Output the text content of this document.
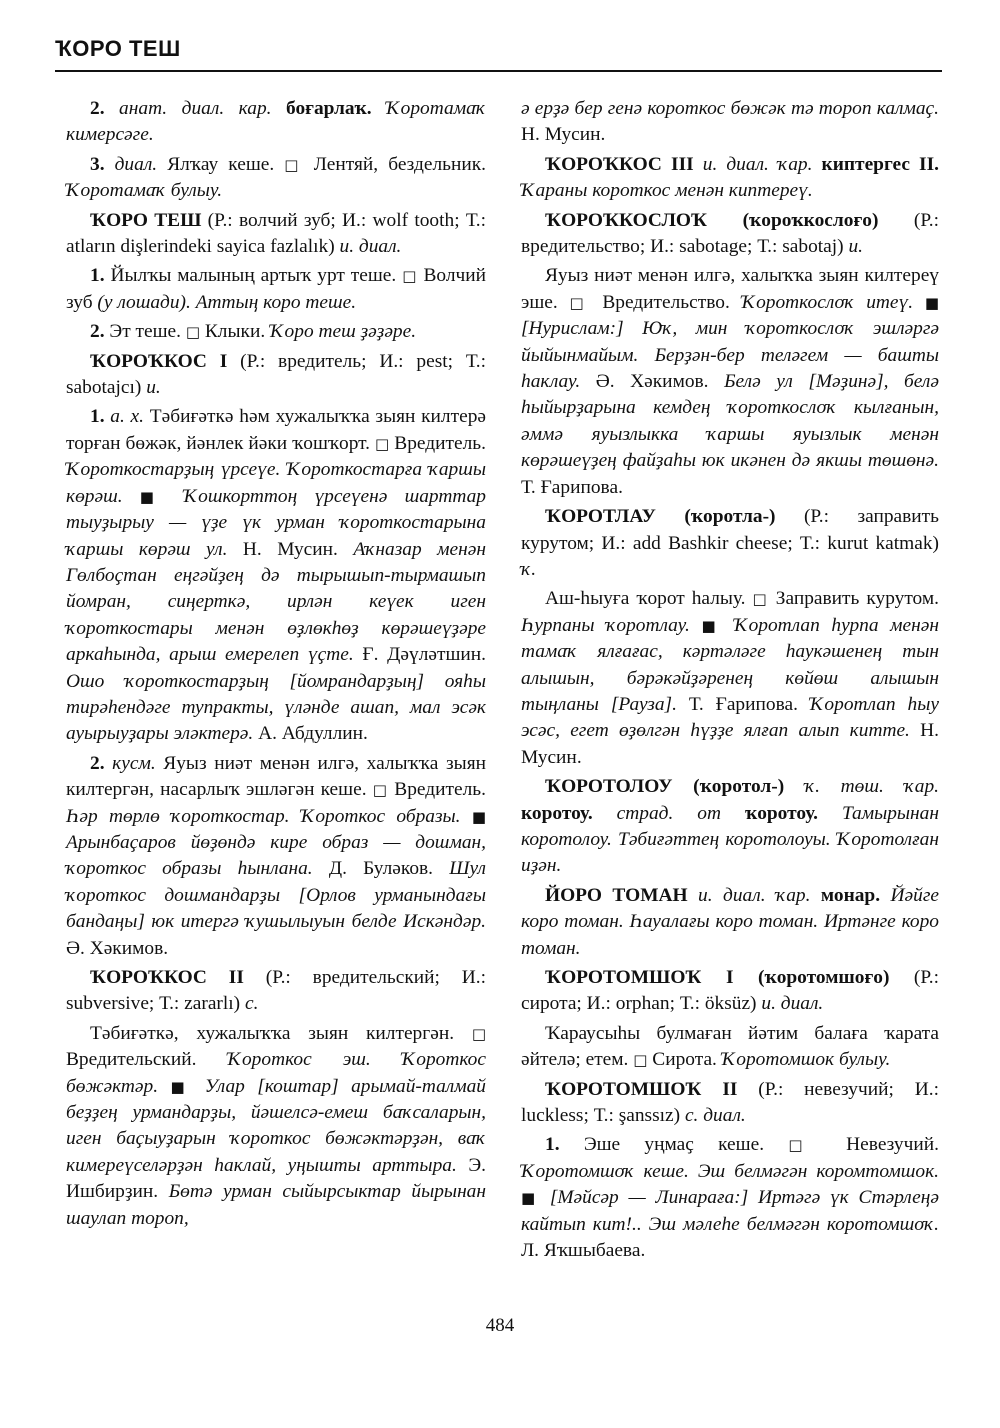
ҠОРО ТЕШ

2. анат. диал. кар. боғарлаҡ. Ҡоротамаҡ кимерсәге.

3. диал. Ялҡау кеше. □ Лентяй, бездельник. Ҡоротамаҡ булыу.

ҠОРО ТЕШ (Р.: волчий зуб; И.: wolf tooth; Т.: atların dişlerindeki sayica fazlalık) и. диал.

1. Йылҡы малының артыҡ урт теше. □ Волчий зуб (у лошади). Аттың коро теше.

2. Эт теше. □ Клыки. Ҡоро теш ҙәҙәре.

ҠОРОҠКОС I (Р.: вредитель; И.: pest; Т.: sabotajcı) и.

1. а. х. Тәбиғәткә һәм хужалыҡҡа зыян килтерә торған бөжәк, йәнлек йәки ҡошҡорт. □ Вредитель. Ҡороткостарҙың үрсеүе. Ҡороткостарға ҡаршы көрәш. ■ Ҡошкорттоң үрсеүенә шарттар тыуҙырыу — үҙе үк урман ҡороткостарына ҡаршы көрәш ул. Н. Мусин. Аҡназар менән Гөлбоҫтан еңгәйҙең дә тырышып-тырмашып йомран, сиңерткә, ирлән кеүек иген ҡороткостары менән өҙлөкһөҙ көрәшеүҙәре аркаһында, арыш емерелеп үҫте. Ғ. Дәүләтшин. Ошо ҡороткостарҙың [йомрандарҙың] ояһы тирәһендәге тупракты, үләнде ашап, мал эсәк ауырыуҙары эләктерә. А. Абдуллин.

2. кусм. Яуыз ниәт менән илгә, халыҡҡа зыян килтергән, насарлыҡ эшләгән кеше. □ Вредитель. Һәр төрлө ҡороткостар. Ҡороткос образы. ■ Арынбаҫаров йөҙөндә кире образ — дошман, ҡороткос образы һынлана. Д. Буләков. Шул ҡороткос дошмандарҙы [Орлов урманындағы бандаңы] юк итергә ҡушылыуын белде Искәндәр. Ә. Хәкимов.

ҠОРОҠКОС II (Р.: вредительский; И.: subversive; Т.: zararlı) с.

Тәбиғәткә, хужалыҡҡа зыян килтергән. □ Вредительский. Ҡороткос эш. Ҡороткос бөжәктәр. ■ Улар [коштар] арымай-талмай беҙҙең урмандарҙы, йәшелсә-емеш баҡсаларын, иген баҫыуҙарын ҡороткос бөжәктәрҙән, ваҡ кимереүселәрҙән һаклай, уңышты арттыра. Э. Ишбирҙин. Бөтә урман сыйырсыктар йырынан шаулап тороп,

ә ерҙә бер генә короткос бөжәк тә тороп калмаҫ. Н. Мусин.

ҠОРОҠКОС III и. диал. ҡар. киптергес II. Ҡараны короткос менән киптереү.

ҠОРОҠКОСЛОҠ (ҡороҡкослоғо) (Р.: вредительство; И.: sabotage; Т.: sabotaj) и.

Яуыз ниәт менән илгә, халыҡҡа зыян килтереү эше. □ Вредительство. Ҡороткослоҡ итеү. ■ [Нурислам:] Юҡ, мин ҡороткослоҡ эшләргә йыйынмайым. Берҙән-бер теләгем — башты һаклау. Ә. Хәкимов. Белә ул [Мәҙинә], белә һыйырҙарына кемдең ҡороткослоҡ кылғанын, әммә яуызлыкка ҡаршы яуызлык менән көрәшеүҙең файҙаһы юк икәнен дә якшы төшөнә. Т. Ғарипова.

ҠОРОТЛАУ (ҡоротла-) (Р.: заправить курутом; И.: add Bashkir cheese; Т.: kurut katmak) ҡ.

Аш-һыуға ҡорот һалыу. □ Заправить курутом. Һурпаны ҡоротлау. ■ Ҡоротлап һурпа менән тамаҡ ялғағас, кәртәләге һаукәшенең тын алышын, бәрәкәйҙәренең көйөш алышын тыңланы [Рауза]. Т. Ғарипова. Ҡоротлап һыу эсәс, егет өҙөлгән һүҙҙе ялғап алып китте. Н. Мусин.

ҠОРОТОЛОУ (ҡоротол-) ҡ. төш. ҡар. коротоу. страд. от ҡоротоу. Тамырынан коротолоу. Тәбиғәттең коротолоуы. Ҡоротолған иҙән.

ЙОРО ТОМАН и. диал. ҡар. монар. Йәйге коро томан. Һауалағы коро томан. Иртәнге коро томан.

ҠОРОТОМШОҠ I (ҡоротомшоғо) (Р.: сирота; И.: orphan; Т.: öksüz) и. диал.

Ҡараусыһы булмаған йәтим балаға ҡарата әйтелә; етем. □ Сирота. Ҡоротомшок булыу.

ҠОРОТОМШОҠ II (Р.: невезучий; И.: luckless; Т.: şanssız) с. диал.

1. Эше уңмаҫ кеше. □ Невезучий. Ҡоротомшоҡ кеше. Эш белмәгән коромтомшок. ■ [Мәйсәр — Линараға:] Иртәгә үк Стәрлеңә кайтып кит!.. Эш мәлеһе белмәгән коротомшоҡ. Л. Яҡшыбаева.

484
